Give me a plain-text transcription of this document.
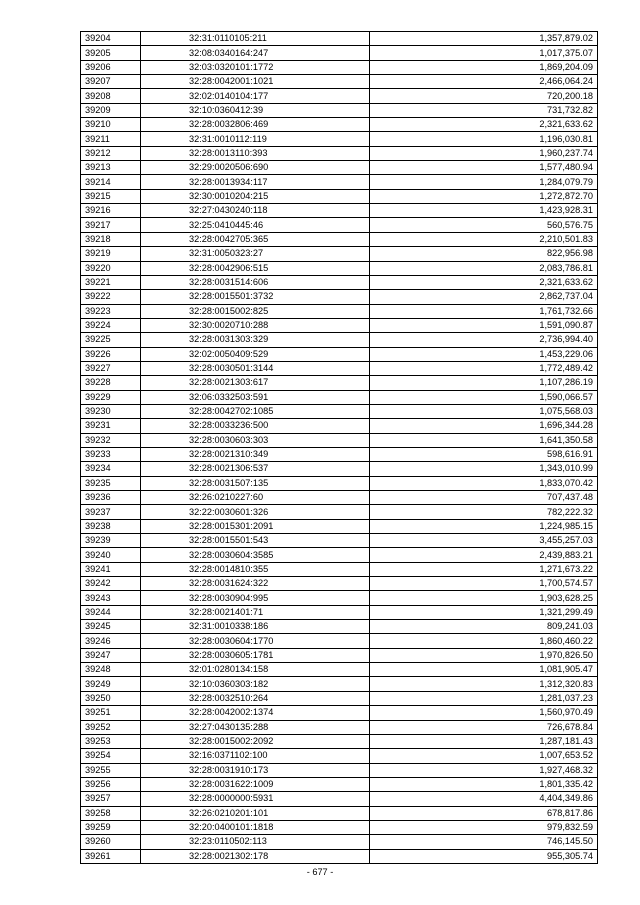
39204	32:31:0110105:211	1,357,879.02
39205	32:08:0340164:247	1,017,375.07
39206	32:03:0320101:1772	1,869,204.09
39207	32:28:0042001:1021	2,466,064.24
39208	32:02:0140104:177	720,200.18
39209	32:10:0360412:39	731,732.82
39210	32:28:0032806:469	2,321,633.62
39211	32:31:0010112:119	1,196,030.81
39212	32:28:0013110:393	1,960,237.74
39213	32:29:0020506:690	1,577,480.94
39214	32:28:0013934:117	1,284,079.79
39215	32:30:0010204:215	1,272,872.70
39216	32:27:0430240:118	1,423,928.31
39217	32:25:0410445:46	560,576.75
39218	32:28:0042705:365	2,210,501.83
39219	32:31:0050323:27	822,956.98
39220	32:28:0042906:515	2,083,786.81
39221	32:28:0031514:606	2,321,633.62
39222	32:28:0015501:3732	2,862,737.04
39223	32:28:0015002:825	1,761,732.66
39224	32:30:0020710:288	1,591,090.87
39225	32:28:0031303:329	2,736,994.40
39226	32:02:0050409:529	1,453,229.06
39227	32:28:0030501:3144	1,772,489.42
39228	32:28:0021303:617	1,107,286.19
39229	32:06:0332503:591	1,590,066.57
39230	32:28:0042702:1085	1,075,568.03
39231	32:28:0033236:500	1,696,344.28
39232	32:28:0030603:303	1,641,350.58
39233	32:28:0021310:349	598,616.91
39234	32:28:0021306:537	1,343,010.99
39235	32:28:0031507:135	1,833,070.42
39236	32:26:0210227:60	707,437.48
39237	32:22:0030601:326	782,222.32
39238	32:28:0015301:2091	1,224,985.15
39239	32:28:0015501:543	3,455,257.03
39240	32:28:0030604:3585	2,439,883.21
39241	32:28:0014810:355	1,271,673.22
39242	32:28:0031624:322	1,700,574.57
39243	32:28:0030904:995	1,903,628.25
39244	32:28:0021401:71	1,321,299.49
39245	32:31:0010338:186	809,241.03
39246	32:28:0030604:1770	1,860,460.22
39247	32:28:0030605:1781	1,970,826.50
39248	32:01:0280134:158	1,081,905.47
39249	32:10:0360303:182	1,312,320.83
39250	32:28:0032510:264	1,281,037.23
39251	32:28:0042002:1374	1,560,970.49
39252	32:27:0430135:288	726,678.84
39253	32:28:0015002:2092	1,287,181.43
39254	32:16:0371102:100	1,007,653.52
39255	32:28:0031910:173	1,927,468.32
39256	32:28:0031622:1009	1,801,335.42
39257	32:28:0000000:5931	4,404,349.86
39258	32:26:0210201:101	678,817.86
39259	32:20:0400101:1818	979,832.59
39260	32:23:0110502:113	746,145.50
39261	32:28:0021302:178	955,305.74
- 677 -
